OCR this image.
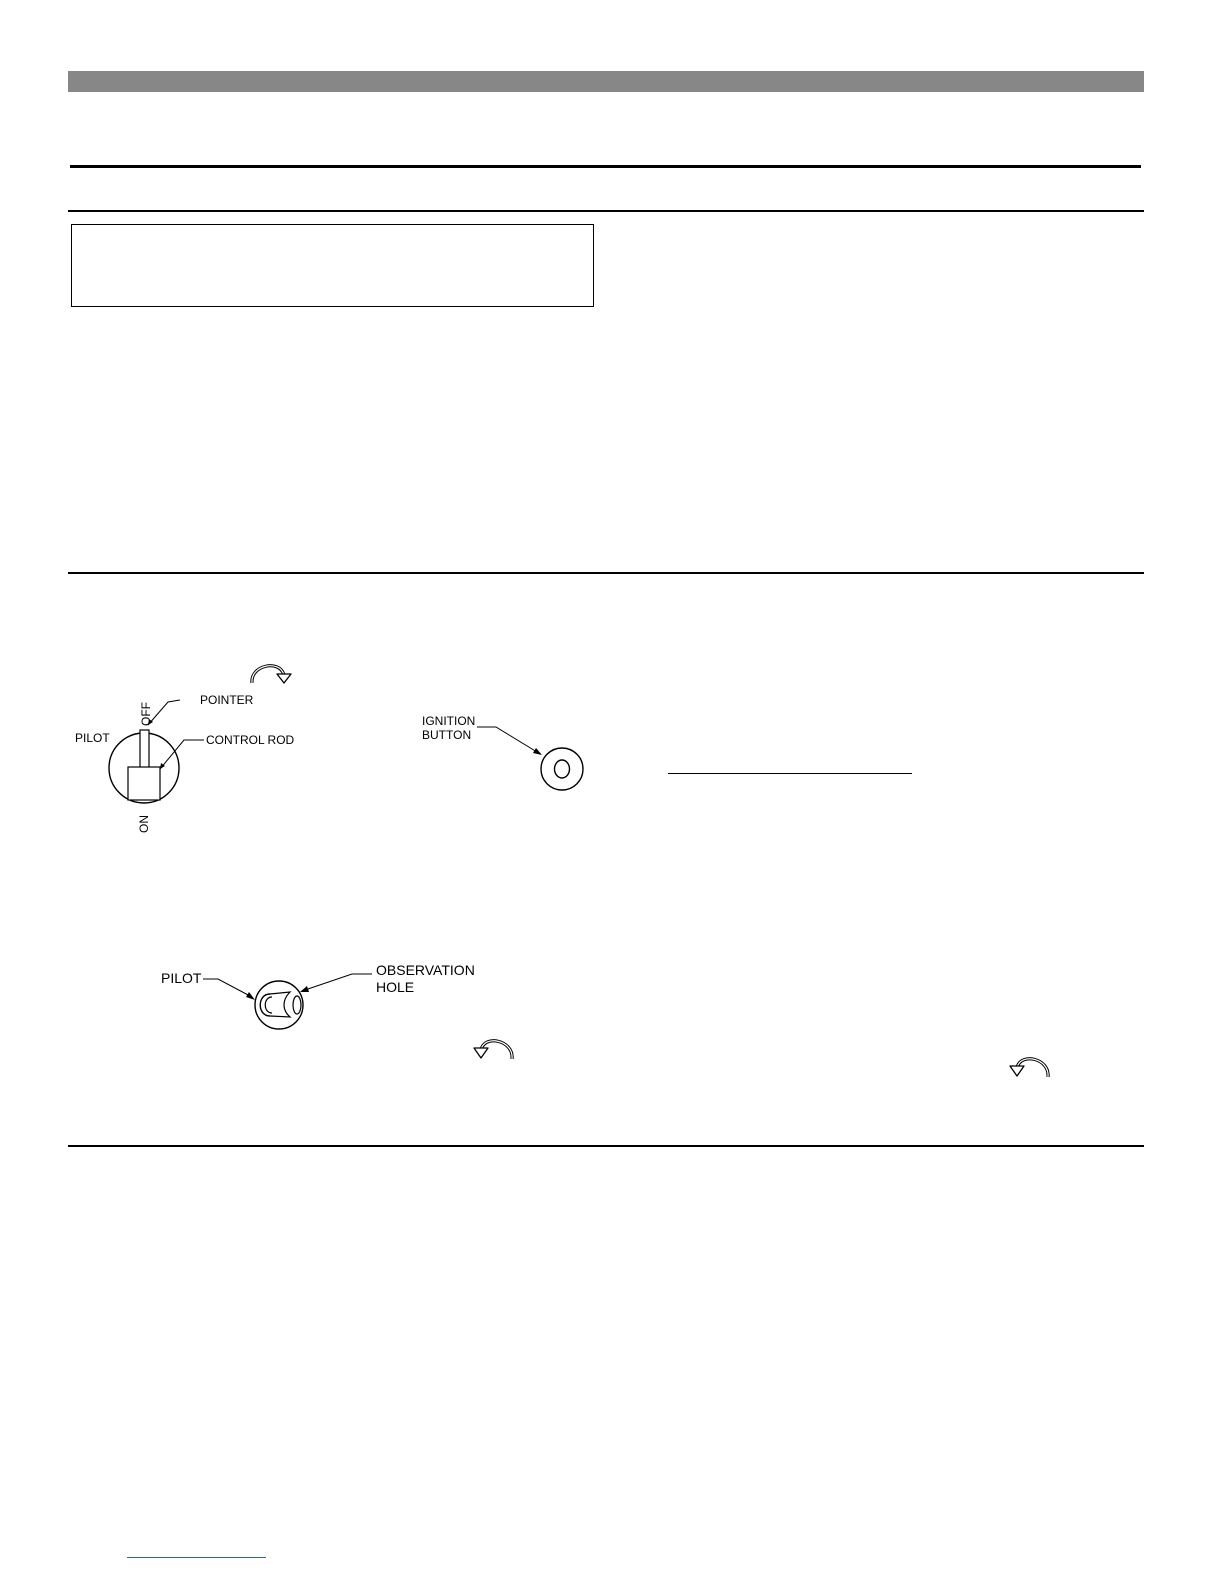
PILOT
OFF
ON
POINTER
CONTROL ROD
IGNITION
BUTTON
PILOT	OBSERVATION
HOLE
